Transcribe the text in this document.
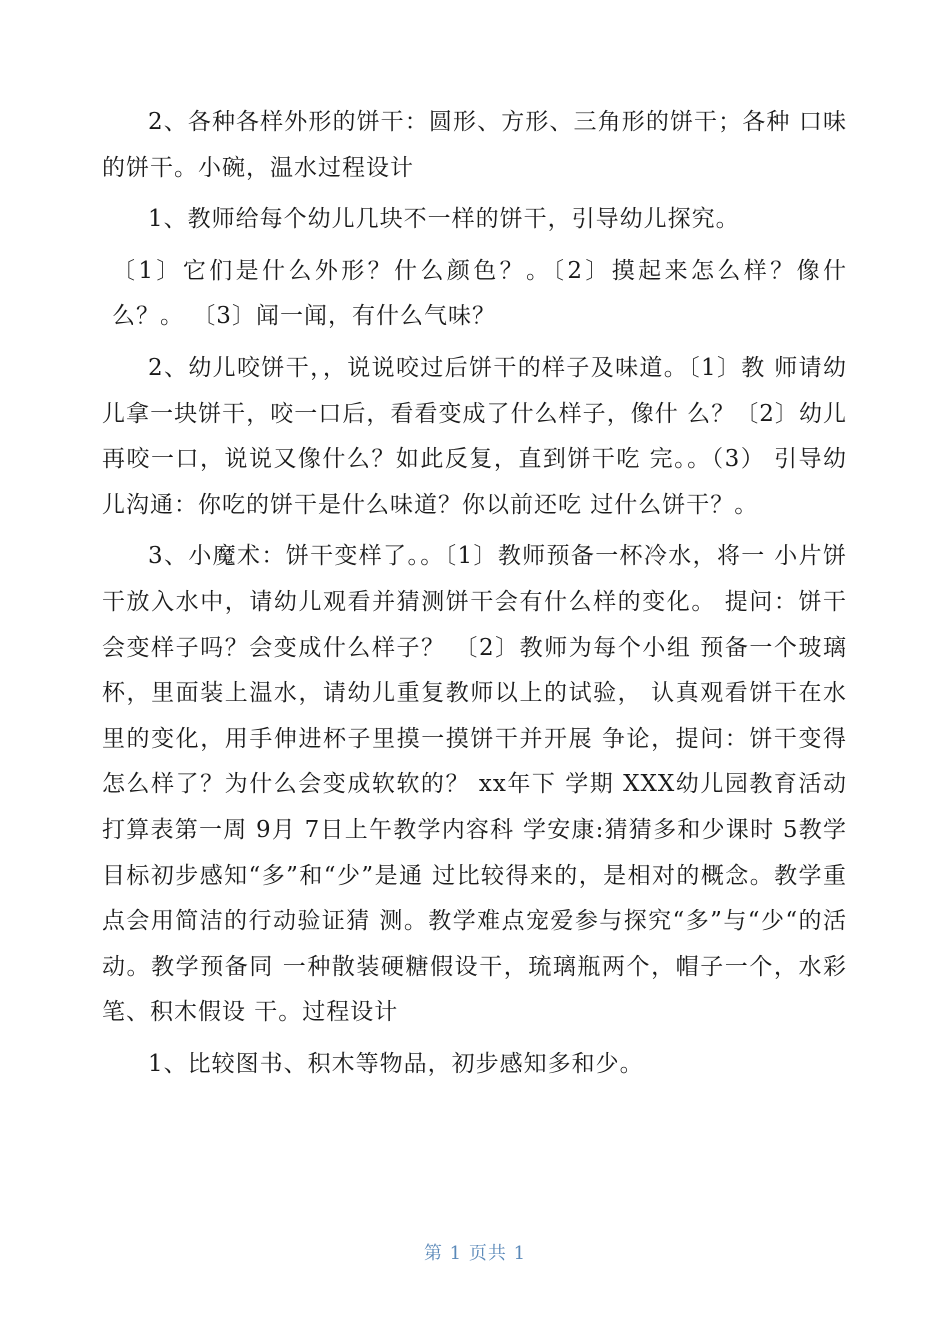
2、各种各样外形的饼干：圆形、方形、三角形的饼干；各种 口味的饼干。小碗，温水过程设计

1、教师给每个幼儿几块不一样的饼干，引导幼儿探究。

〔1〕它们是什么外形？什么颜色？。〔2〕摸起来怎么样？像什么？。 〔3〕闻一闻，有什么气味？

2、幼儿咬饼干，，说说咬过后饼干的样子及味道。〔1〕教 师请幼儿拿一块饼干，咬一口后，看看变成了什么样子，像什 么？〔2〕幼儿再咬一口，说说又像什么？如此反复，直到饼干吃 完。。（3） 引导幼儿沟通：你吃的饼干是什么味道？你以前还吃 过什么饼干？。

3、小魔术：饼干变样了。。〔1〕教师预备一杯冷水，将一 小片饼干放入水中，请幼儿观看并猜测饼干会有什么样的变化。 提问：饼干会变样子吗？会变成什么样子？ 〔2〕教师为每个小组 预备一个玻璃杯，里面装上温水，请幼儿重复教师以上的试验， 认真观看饼干在水里的变化，用手伸进杯子里摸一摸饼干并开展 争论，提问：饼干变得怎么样了？为什么会变成软软的？ xx年下 学期 XXX幼儿园教育活动打算表第一周 9月 7日上午教学内容科 学安康:猜猜多和少课时 5教学目标初步感知“多”和“少”是通 过比较得来的，是相对的概念。教学重点会用简洁的行动验证猜 测。教学难点宠爱参与探究“多”与“少“的活动。教学预备同 一种散装硬糖假设干，琉璃瓶两个，帽子一个，水彩笔、积木假设 干。过程设计

1、比较图书、积木等物品，初步感知多和少。

第 1 页共 1
